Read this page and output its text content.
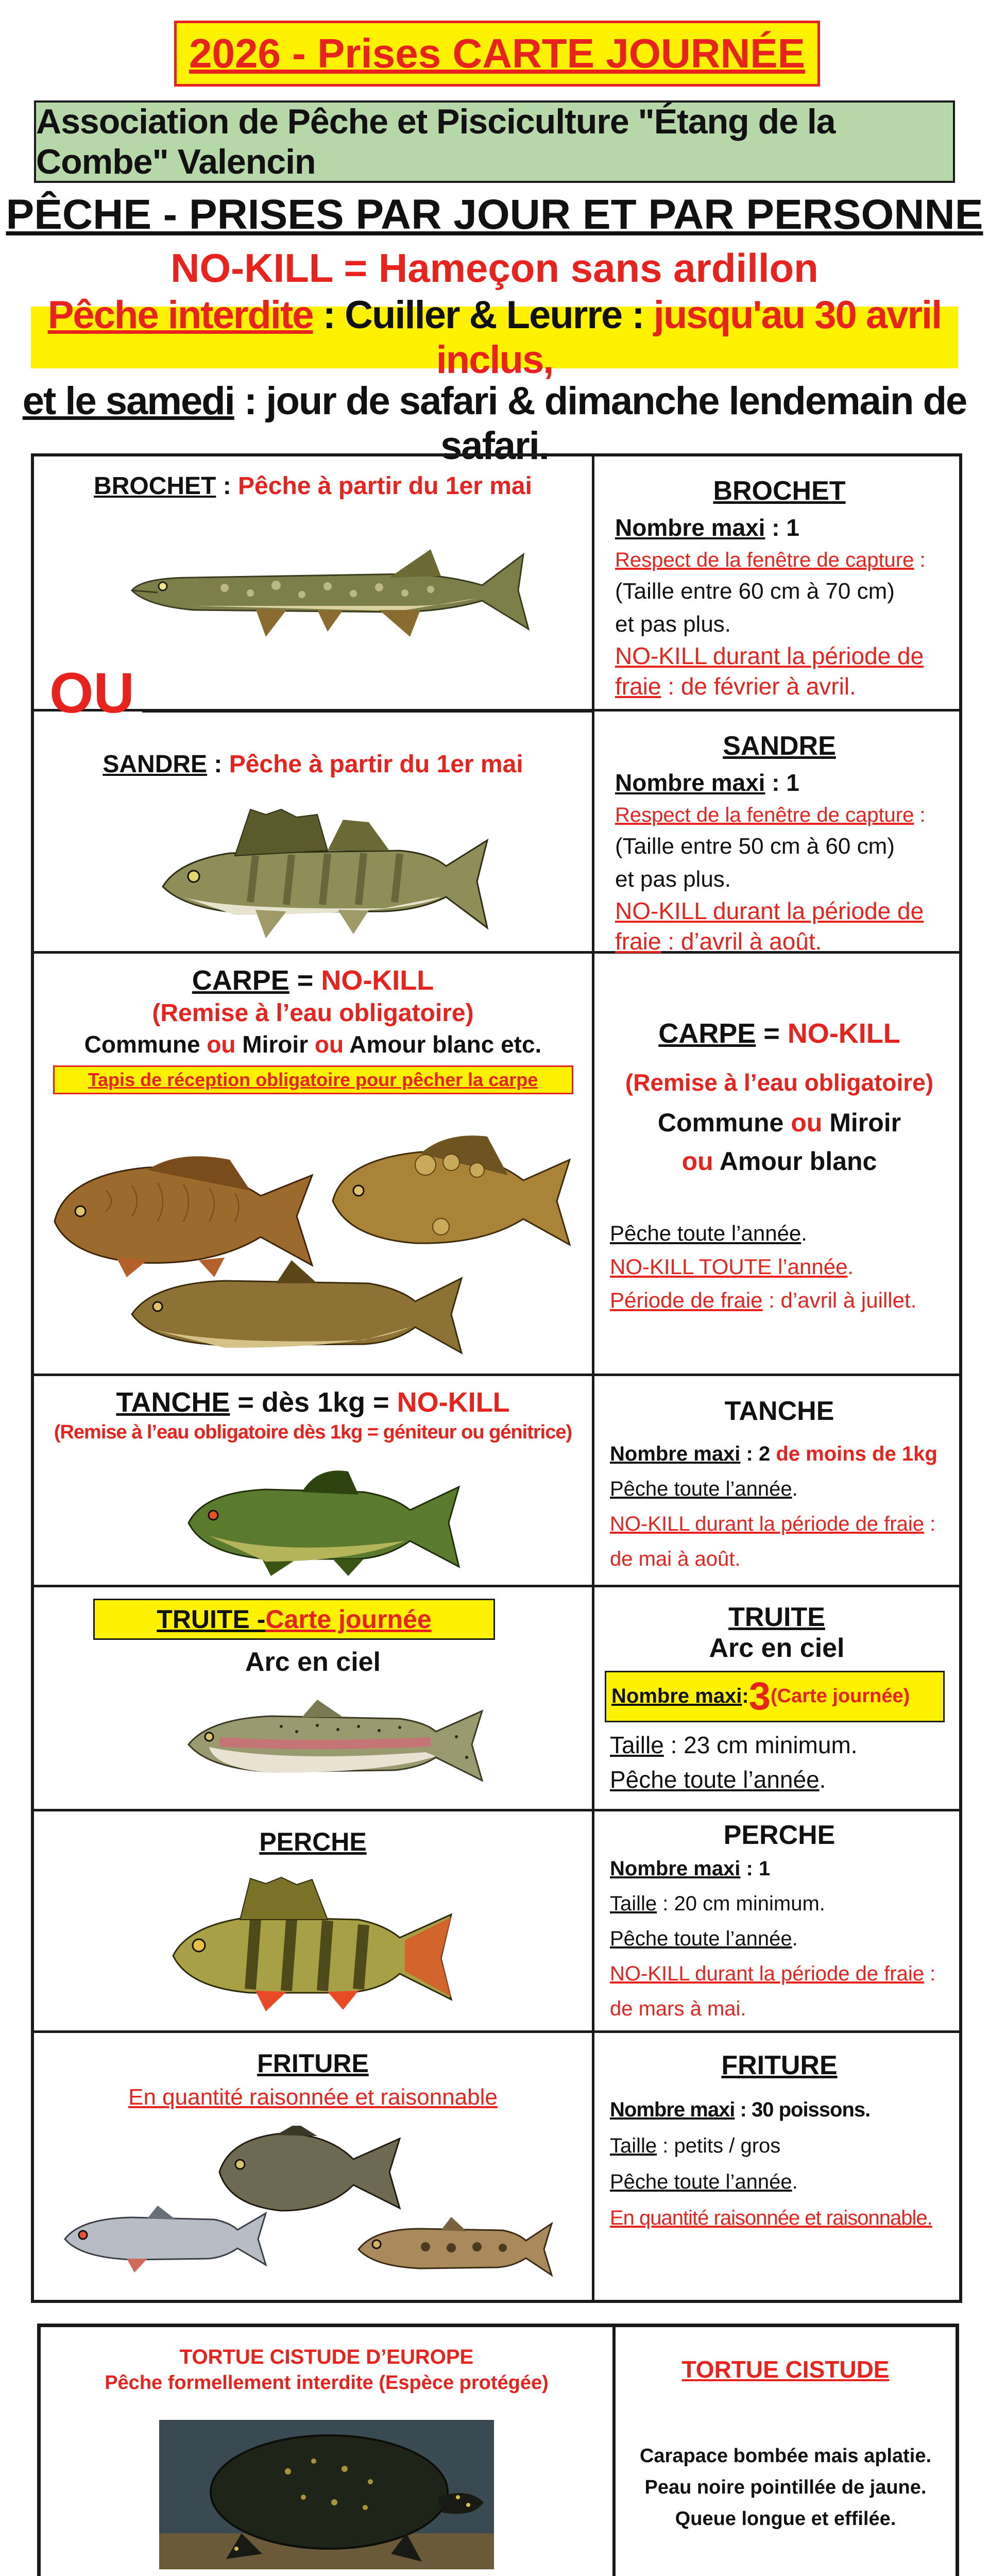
2026 - Prises CARTE JOURNÉE
Association de Pêche et Pisciculture "Étang de la Combe" Valencin
PÊCHE - PRISES PAR JOUR ET PAR PERSONNE
NO-KILL = Hameçon sans ardillon
Pêche interdite : Cuiller & Leurre : jusqu'au 30 avril inclus,
et le samedi : jour de safari & dimanche lendemain de safari.
BROCHET : Pêche à partir du 1er mai
OU
BROCHET
Nombre maxi : 1
Respect de la fenêtre de capture :
(Taille entre 60 cm à 70 cm)
et pas plus.
NO-KILL durant la période de fraie : de février à avril.
SANDRE : Pêche à partir du 1er mai
SANDRE
Nombre maxi : 1
Respect de la fenêtre de capture :
(Taille entre 50 cm à 60 cm)
et pas plus.
NO-KILL durant la période de fraie : d’avril à août.
CARPE = NO-KILL
(Remise à l’eau obligatoire)
Commune ou Miroir ou Amour blanc etc.
Tapis de réception obligatoire pour pêcher la carpe
CARPE = NO-KILL
(Remise à l’eau obligatoire)
Commune ou Miroir
ou Amour blanc
Pêche toute l’année.
NO-KILL TOUTE l’année.
Période de fraie : d’avril à juillet.
TANCHE = dès 1kg = NO-KILL
(Remise à l’eau obligatoire dès 1kg = géniteur ou génitrice)
TANCHE
Nombre maxi : 2 de moins de 1kg
Pêche toute l’année.
NO-KILL durant la période de fraie :
de mai à août.
TRUITE - Carte journée
Arc en ciel
TRUITE
Arc en ciel
Nombre maxi : 3 (Carte journée)
Taille : 23 cm minimum.
Pêche toute l’année.
PERCHE	PERCHE
Nombre maxi : 1
Taille : 20 cm minimum.
Pêche toute l’année.
NO-KILL durant la période de fraie :
de mars à mai.
FRITURE
En quantité raisonnée et raisonnable
FRITURE
Nombre maxi : 30 poissons.
Taille : petits / gros
Pêche toute l’année.
En quantité raisonnée et raisonnable.
TORTUE CISTUDE D’EUROPE
Pêche formellement interdite (Espèce protégée)	TORTUE CISTUDE
Carapace bombée mais aplatie.
Peau noire pointillée de jaune.
Queue longue et effilée.
